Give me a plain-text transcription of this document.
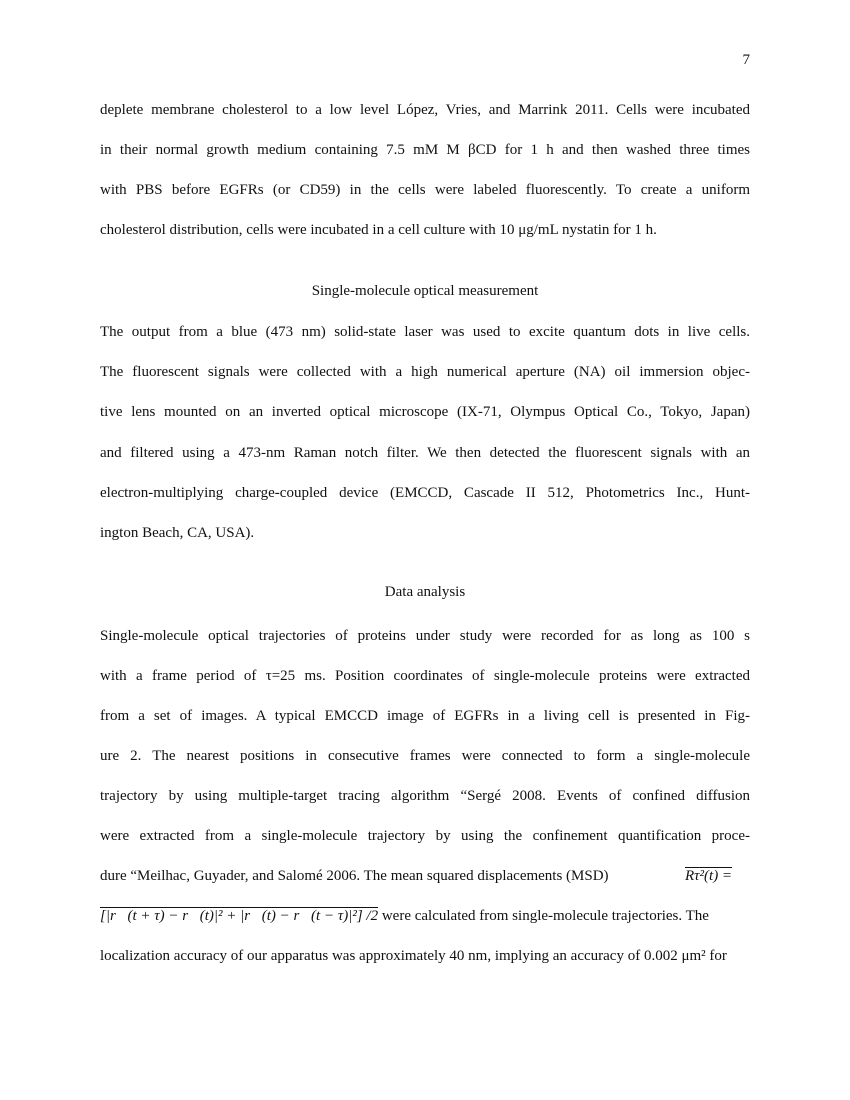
7
deplete membrane cholesterol to a low level López, Vries, and Marrink 2011. Cells were incubated
in their normal growth medium containing 7.5 mM M βCD for 1 h and then washed three times
with PBS before EGFRs (or CD59) in the cells were labeled fluorescently. To create a uniform
cholesterol distribution, cells were incubated in a cell culture with 10 μg/mL nystatin for 1 h.
Single-molecule optical measurement
The output from a blue (473 nm) solid-state laser was used to excite quantum dots in live cells.
The fluorescent signals were collected with a high numerical aperture (NA) oil immersion objec-
tive lens mounted on an inverted optical microscope (IX-71, Olympus Optical Co., Tokyo, Japan)
and filtered using a 473-nm Raman notch filter. We then detected the fluorescent signals with an
electron-multiplying charge-coupled device (EMCCD, Cascade II 512, Photometrics Inc., Hunt-
ington Beach, CA, USA).
Data analysis
Single-molecule optical trajectories of proteins under study were recorded for as long as 100 s
with a frame period of τ=25 ms. Position coordinates of single-molecule proteins were extracted
from a set of images. A typical EMCCD image of EGFRs in a living cell is presented in Fig-
ure 2. The nearest positions in consecutive frames were connected to form a single-molecule
trajectory by using multiple-target tracing algorithm “Sergé 2008. Events of confined diffusion
were extracted from a single-molecule trajectory by using the confinement quantification proce-
dure “Meilhac, Guyader, and Salomé 2006. The mean squared displacements (MSD)	Rτ²(t) =
[|r⃗(t + τ) − r⃗(t)|² + |r⃗(t) − r⃗(t − τ)|²] /2 were calculated from single-molecule trajectories. The
localization accuracy of our apparatus was approximately 40 nm, implying an accuracy of 0.002 μm² for
